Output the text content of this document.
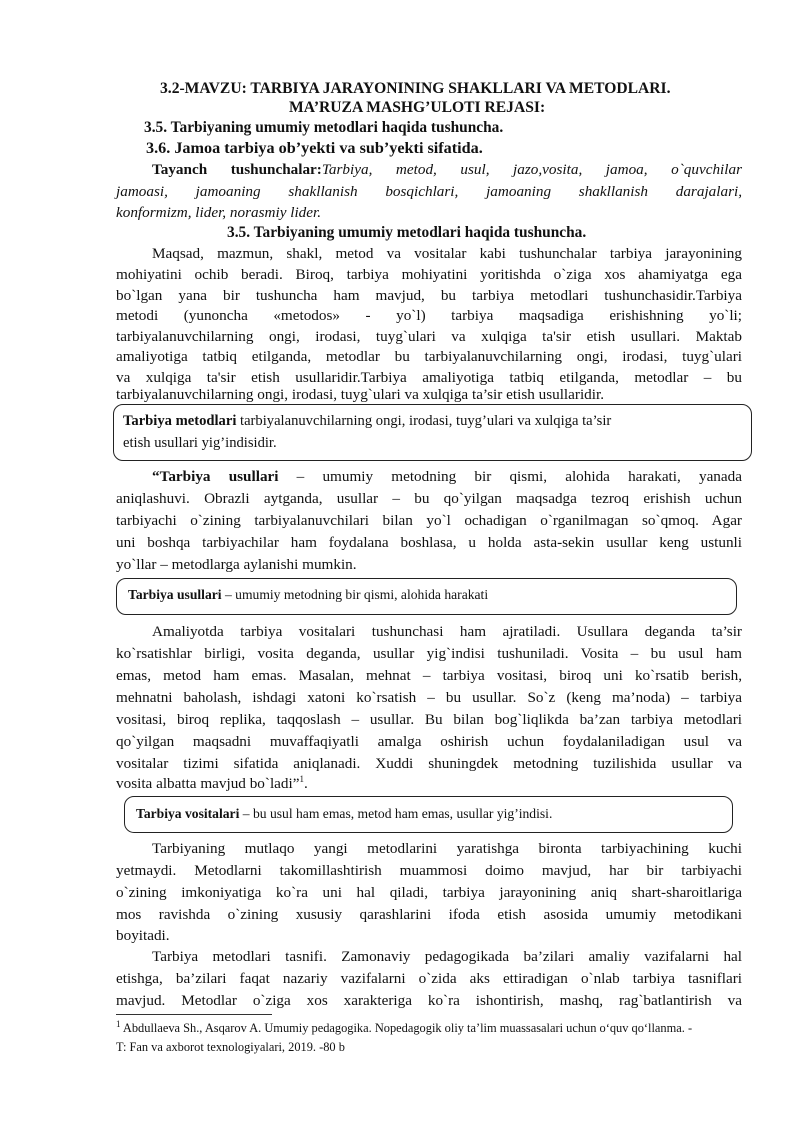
3.2-MAVZU: TARBIYA JARAYONINING SHAKLLARI VA METODLARI.
MA’RUZA MASHG’ULOTI REJASI:
3.5. Tarbiyaning umumiy metodlari haqida tushuncha.
3.6. Jamoa tarbiya ob’yekti va sub’yekti sifatida.
Tayanch tushunchalar:Tarbiya, metod, usul, jazo,vosita, jamoa, o`quvchilar
jamoasi, jamoaning shakllanish bosqichlari, jamoaning shakllanish darajalari,
konformizm, lider, norasmiy lider.
3.5. Tarbiyaning umumiy metodlari haqida tushuncha.
Maqsad, mazmun, shakl, metod va vositalar kabi tushunchalar tarbiya jarayonining
mohiyatini ochib beradi. Biroq, tarbiya mohiyatini yoritishda o`ziga xos ahamiyatga ega
bo`lgan yana bir tushuncha ham mavjud, bu tarbiya metodlari tushunchasidir.Tarbiya
metodi (yunoncha «metodos» - yo`l) tarbiya maqsadiga erishishning yo`li;
tarbiyalanuvchilarning ongi, irodasi, tuyg`ulari va xulqiga ta'sir etish usullari. Maktab
amaliyotiga tatbiq etilganda, metodlar bu tarbiyalanuvchilarning ongi, irodasi, tuyg`ulari
va xulqiga ta'sir etish usullaridir.Tarbiya amaliyotiga tatbiq etilganda, metodlar – bu
tarbiyalanuvchilarning ongi, irodasi, tuyg`ulari va xulqiga ta’sir etish usullaridir.
Tarbiya metodlari tarbiyalanuvchilarning ongi, irodasi, tuyg’ulari va xulqiga ta’sir
etish usullari yig’indisidir.
“Tarbiya usullari – umumiy metodning bir qismi, alohida harakati, yanada
aniqlashuvi. Obrazli aytganda, usullar – bu qo`yilgan maqsadga tezroq erishish uchun
tarbiyachi o`zining tarbiyalanuvchilari bilan yo`l ochadigan o`rganilmagan so`qmoq. Agar
uni boshqa tarbiyachilar ham foydalana boshlasa, u holda asta-sekin usullar keng ustunli
yo`llar – metodlarga aylanishi mumkin.
Tarbiya usullari – umumiy metodning bir qismi, alohida harakati
Amaliyotda tarbiya vositalari tushunchasi ham ajratiladi. Usullara deganda ta’sir
ko`rsatishlar birligi, vosita deganda, usullar yig`indisi tushuniladi. Vosita – bu usul ham
emas, metod ham emas. Masalan, mehnat – tarbiya vositasi, biroq uni ko`rsatib berish,
mehnatni baholash, ishdagi xatoni ko`rsatish – bu usullar. So`z (keng ma’noda) – tarbiya
vositasi, biroq replika, taqqoslash – usullar. Bu bilan bog`liqlikda ba’zan tarbiya metodlari
qo`yilgan maqsadni muvaffaqiyatli amalga oshirish uchun foydalaniladigan usul va
vositalar tizimi sifatida aniqlanadi. Xuddi shuningdek metodning tuzilishida usullar va
vosita albatta mavjud bo`ladi”$^1$.
Tarbiya vositalari – bu usul ham emas, metod ham emas, usullar yig’indisi.
Tarbiyaning mutlaqo yangi metodlarini yaratishga bironta tarbiyachining kuchi
yetmaydi. Metodlarni takomillashtirish muammosi doimo mavjud, har bir tarbiyachi
o`zining imkoniyatiga ko`ra uni hal qiladi, tarbiya jarayonining aniq shart-sharoitlariga
mos ravishda o`zining xususiy qarashlarini ifoda etish asosida umumiy metodikani
boyitadi.
Tarbiya metodlari tasnifi. Zamonaviy pedagogikada ba’zilari amaliy vazifalarni hal
etishga, ba’zilari faqat nazariy vazifalarni o`zida aks ettiradigan o`nlab tarbiya tasniflari
mavjud. Metodlar o`ziga xos xarakteriga ko`ra ishontirish, mashq, rag`batlantirish va
$^1$ Abdullaeva Sh., Asqarov A. Umumiy pedagogika. Nopedagogik oliy ta’lim muassasalari uchun o‘quv qo‘llanma. -
T: Fan va axborot texnologiyalari, 2019. -80 b
